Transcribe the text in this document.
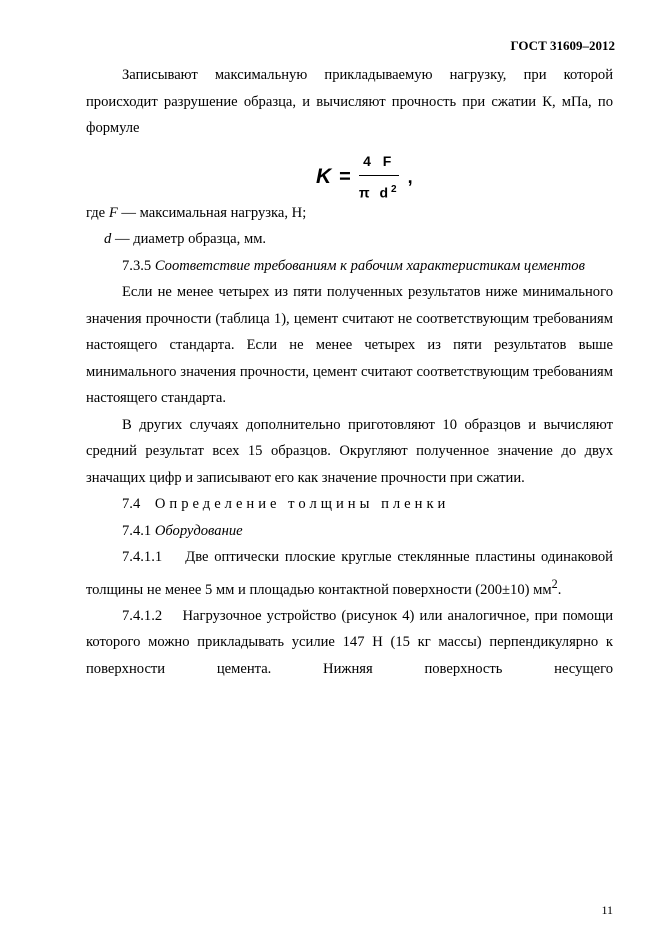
ГОСТ 31609–2012

Записывают максимальную прикладываемую нагрузку, при которой происходит разрушение образца, и вычисляют прочность при сжатии К, мПа, по формуле

$K = \frac{4 F}{\pi d^2}$ ,

где F — максимальная нагрузка, Н;

d — диаметр образца, мм.

7.3.5 Соответствие требованиям к рабочим характеристикам цементов

Если не менее четырех из пяти полученных результатов ниже минимального значения прочности (таблица 1), цемент считают не соответствующим требованиям настоящего стандарта. Если не менее четырех из пяти результатов выше минимального значения прочности, цемент считают соответствующим требованиям настоящего стандарта.

В других случаях дополнительно приготовляют 10 образцов и вычисляют средний результат всех 15 образцов. Округляют полученное значение до двух значащих цифр и записывают его как значение прочности при сжатии.

7.4 Определение толщины пленки

7.4.1 Оборудование

7.4.1.1 Две оптически плоские круглые стеклянные пластины одинаковой толщины не менее 5 мм и площадью контактной поверхности (200±10) $мм^2$.

7.4.1.2 Нагрузочное устройство (рисунок 4) или аналогичное, при помощи которого можно прикладывать усилие 147 Н (15 кг массы) перпендикулярно к поверхности цемента. Нижняя поверхность несущего

11
